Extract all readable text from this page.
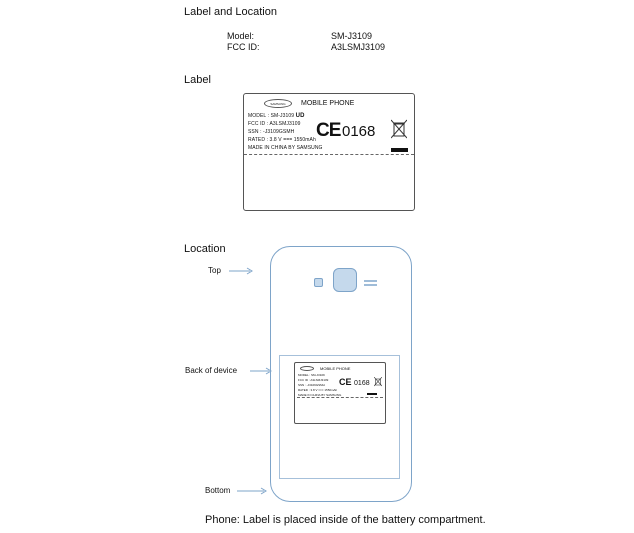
Label and Location
Model:	SM-J3109
FCC ID:	A3LSMJ3109
Label
SAMSUNG MOBILE PHONE
MODEL : SM-J3109 UD
FCC ID : A3LSMJ3109
SSN : -J3109GSMH
RATED : 3.8 V === 1550mAh
MADE IN CHINA BY SAMSUNG
CE 0168
Location
Top
Back of device
Bottom
MOBILE PHONE
MODEL : SM-J3109
FCC ID : A3LSMJ3109
SSN : -J3109GSMH
RATED : 3.8 V === 1550mAh
MADE IN CHINA BY SAMSUNG
CE 0168
Phone: Label is placed inside of the battery compartment.
